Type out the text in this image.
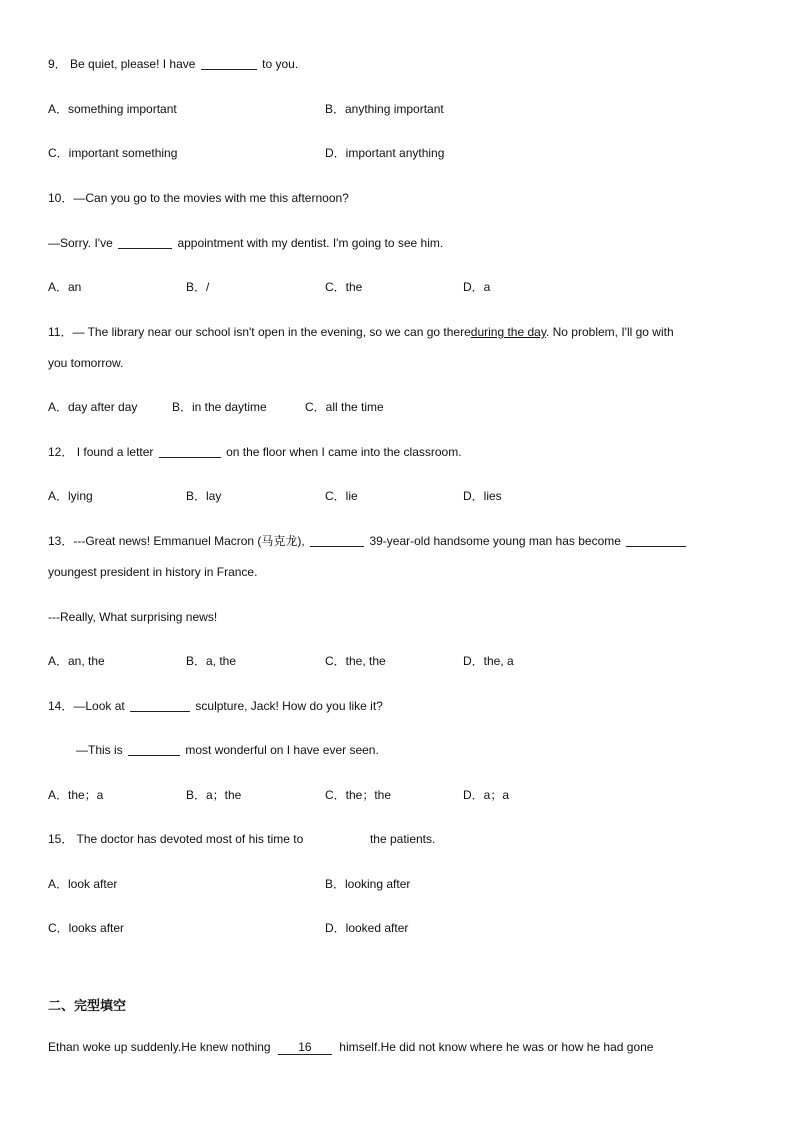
9． Be quiet, please! I have	to you.
A．something important	B．anything important
C．important something	D．important anything
10．—Can you go to the movies with me this afternoon?
—Sorry. I've	appointment with my dentist. I'm going to see him.
A．an	B．/	C．the	D．a
11．— The library near our school isn't open in the evening, so we can go thereduring the day. No problem, I'll go with
you tomorrow.
A．day after day	B．in the daytime	C．all the time
12． I found a letter	on the floor when I came into the classroom.
A．lying	B．lay	C．lie	D．lies
13．---Great news! Emmanuel Macron (马克龙),	39-year-old handsome young man has become
youngest president in history in France.
---Really, What surprising news!
A．an, the	B．a, the	C．the, the	D．the, a
14．—Look at	sculpture, Jack! How do you like it?
—This is	most wonderful on I have ever seen.
A．the；a	B．a；the	C．the；the	D．a；a
15． The doctor has devoted most of his time to	the patients.
A．look after	B．looking after
C．looks after	D．looked after
二、完型填空
Ethan woke up suddenly.He knew nothing 16 himself.He did not know where he was or how he had gone
